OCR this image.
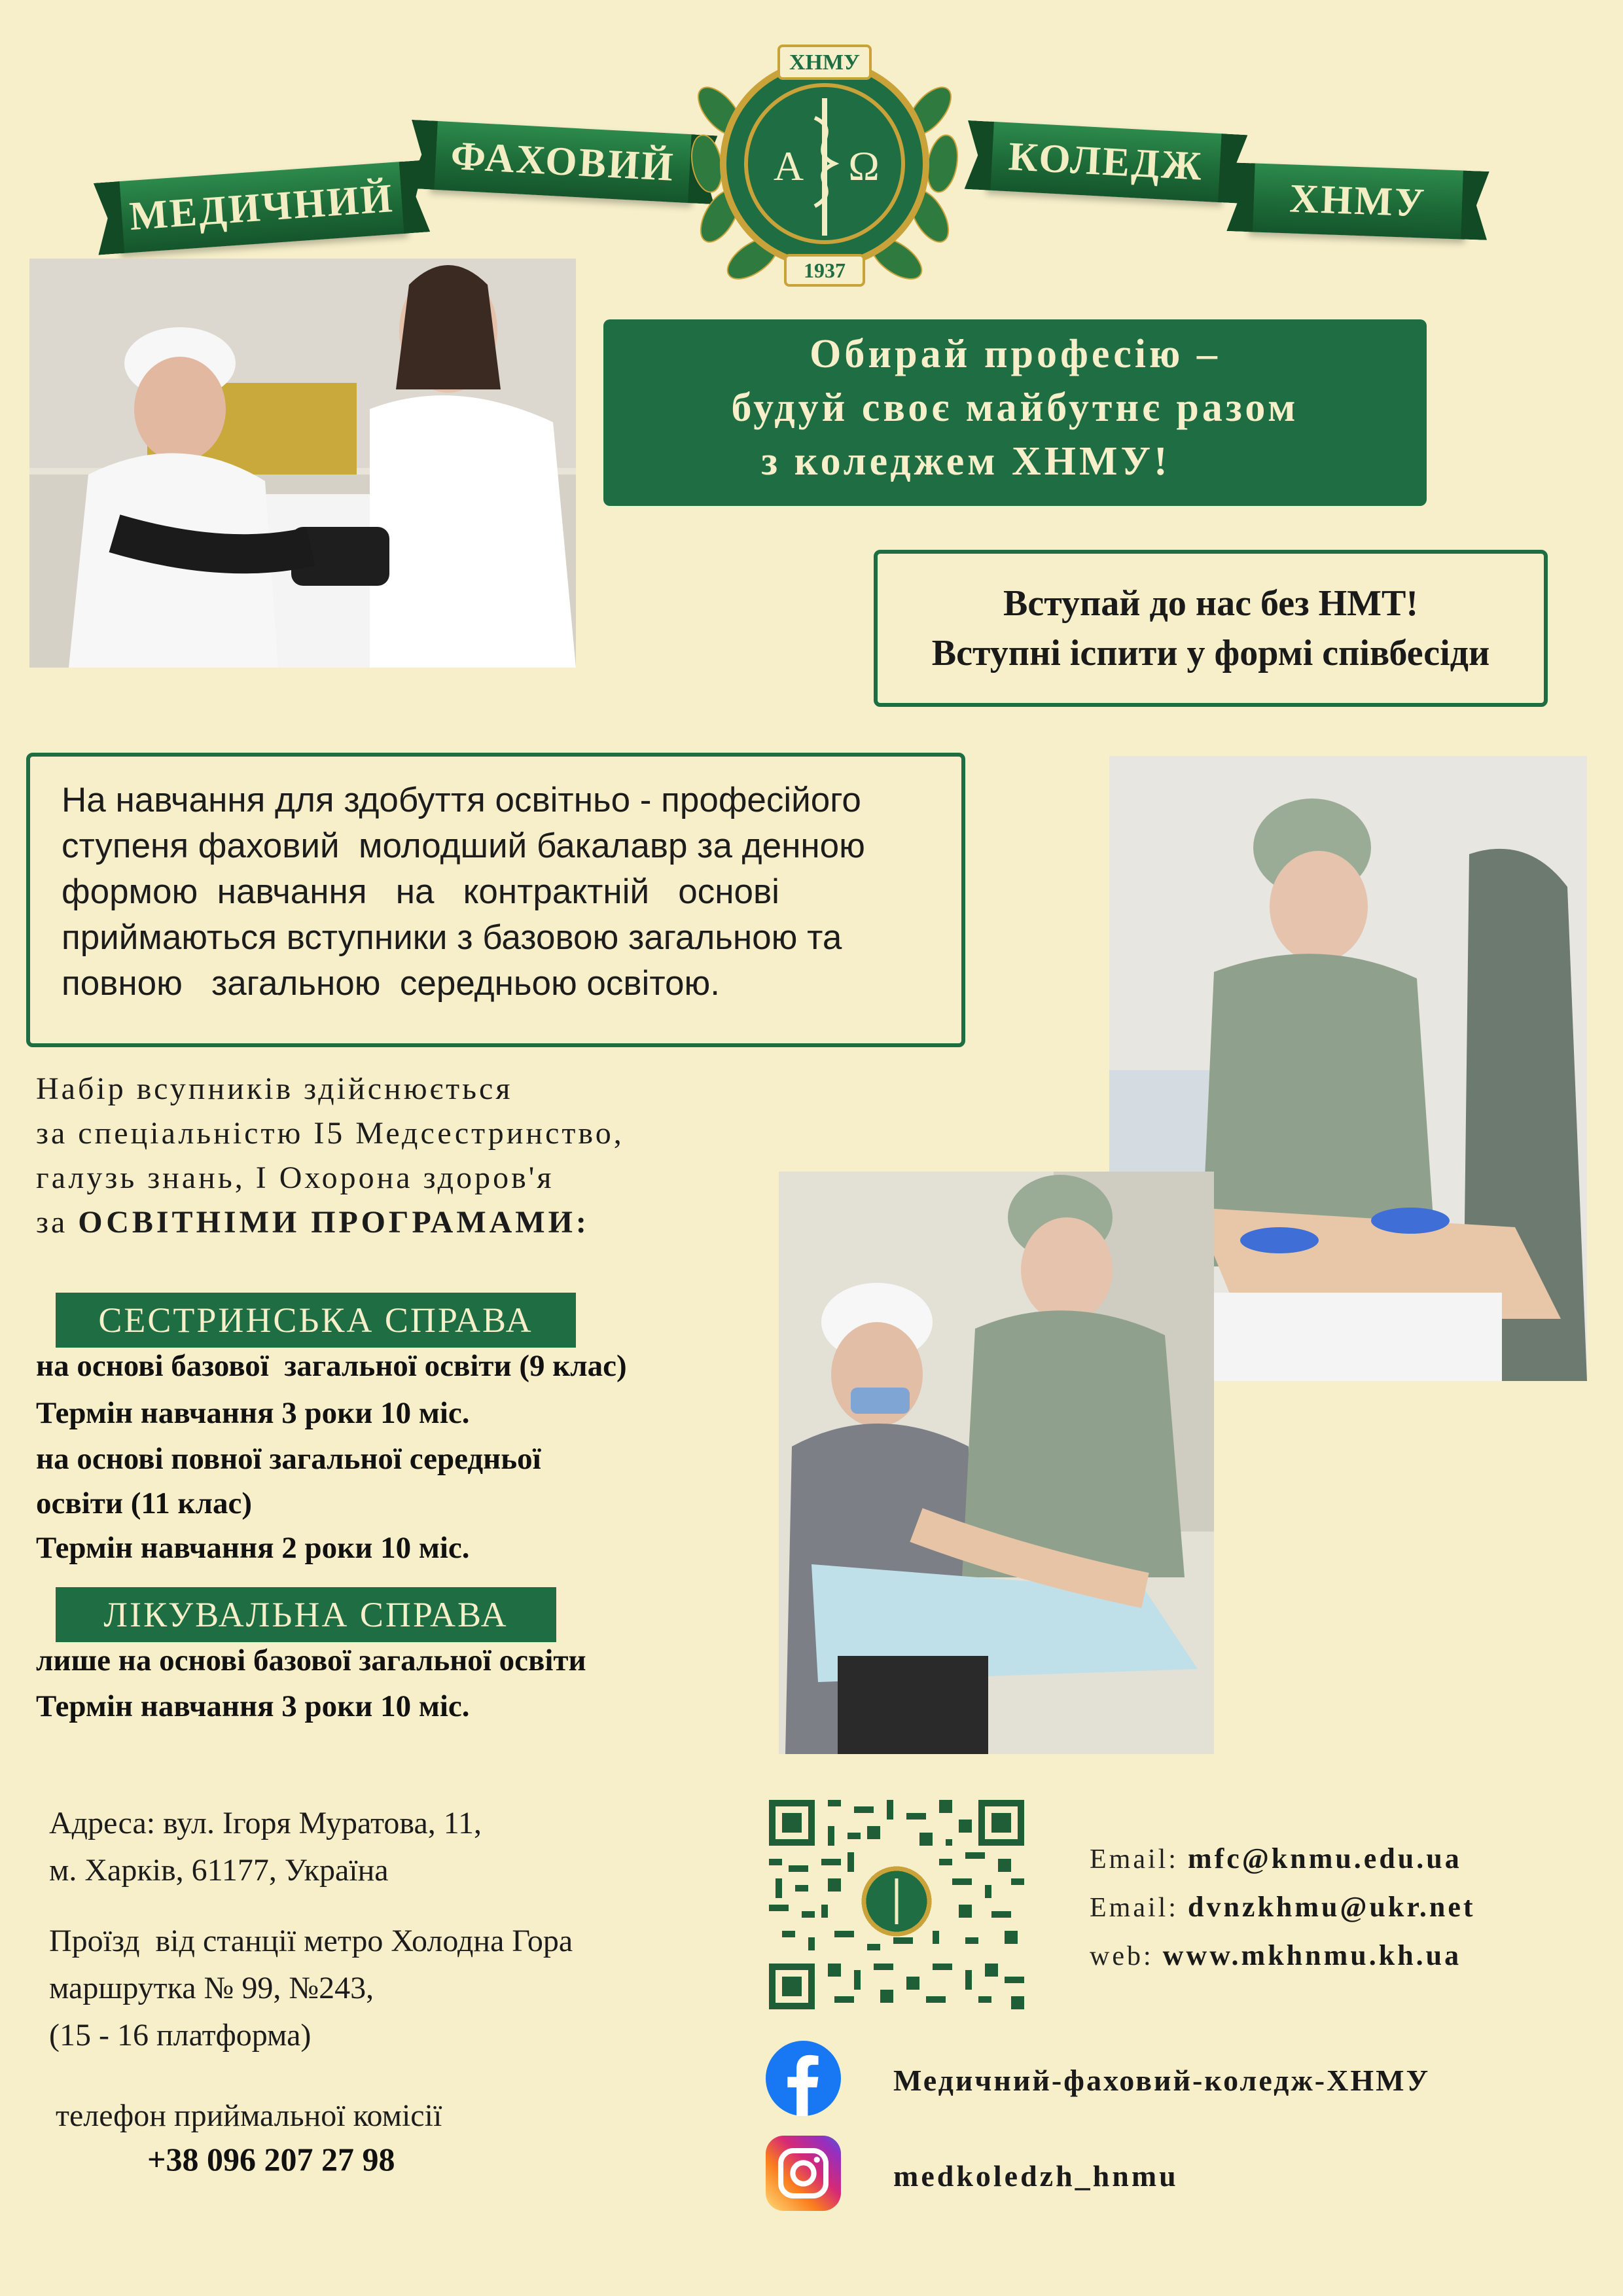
МЕДИЧНИЙ
ФАХОВИЙ	КОЛЕДЖ
ХНМУ
ХНМУ
Α Ω
1937
Обирай професію –
будуй своє майбутнє разом
з коледжем ХНМУ!
Вступай до нас без НМТ!
Вступні іспити у формі співбесіди
На навчання для здобуття освітньо - професійого
ступеня фаховий  молодший бакалавр за денною
формою  навчання   на   контрактній   основі
приймаються вступники з базовою загальною та
повною   загальною  середньою освітою.
Набір всупників здійснюється
за спеціальністю І5 Медсестринство,
галузь знань, І Охорона здоров'я
за ОСВІТНІМИ ПРОГРАМАМИ:
СЕСТРИНСЬКА СПРАВА
на основі базової  загальної освіти (9 клас)
Термін навчання 3 роки 10 міс.
на основі повної загальної середньої
освіти (11 клас)
Термін навчання 2 роки 10 міс.
ЛІКУВАЛЬНА СПРАВА
лише на основі базової загальної освіти
Термін навчання 3 роки 10 міс.
Адреса: вул. Ігоря Муратова, 11,
м. Харків, 61177, Україна
Проїзд  від станції метро Холодна Гора
маршрутка № 99, №243,
(15 - 16 платформа)
телефон приймальної комісії
+38 096 207 27 98
Email: mfc@knmu.edu.ua
Email: dvnzkhmu@ukr.net
web: www.mkhnmu.kh.ua
Медичний-фаховий-коледж-ХНМУ
medkoledzh_hnmu
